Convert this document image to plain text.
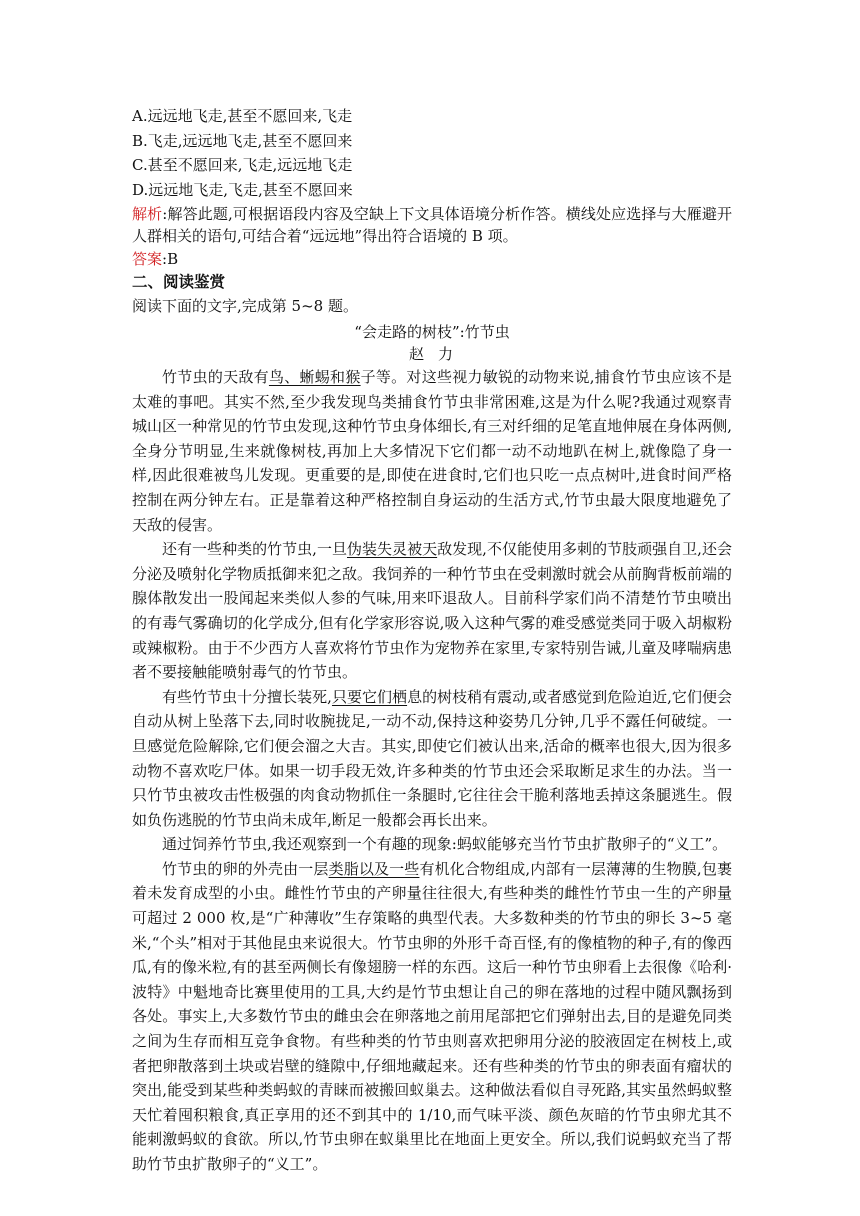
A.远远地飞走,甚至不愿回来,飞走

B.飞走,远远地飞走,甚至不愿回来

C.甚至不愿回来,飞走,远远地飞走

D.远远地飞走,飞走,甚至不愿回来

解析:解答此题,可根据语段内容及空缺上下文具体语境分析作答。横线处应选择与大雁避开人群相关的语句,可结合着“远远地”得出符合语境的 B 项。

答案:B

二、阅读鉴赏

阅读下面的文字,完成第 5~8 题。

“会走路的树枝”:竹节虫

赵力

竹节虫的天敌有鸟、蜥蜴和猴子等。对这些视力敏锐的动物来说,捕食竹节虫应该不是太难的事吧。其实不然,至少我发现鸟类捕食竹节虫非常困难,这是为什么呢?我通过观察青城山区一种常见的竹节虫发现,这种竹节虫身体细长,有三对纤细的足笔直地伸展在身体两侧,全身分节明显,生来就像树枝,再加上大多情况下它们都一动不动地趴在树上,就像隐了身一样,因此很难被鸟儿发现。更重要的是,即使在进食时,它们也只吃一点点树叶,进食时间严格控制在两分钟左右。正是靠着这种严格控制自身运动的生活方式,竹节虫最大限度地避免了天敌的侵害。

还有一些种类的竹节虫,一旦伪装失灵被天敌发现,不仅能使用多刺的节肢顽强自卫,还会分泌及喷射化学物质抵御来犯之敌。我饲养的一种竹节虫在受刺激时就会从前胸背板前端的腺体散发出一股闻起来类似人参的气味,用来吓退敌人。目前科学家们尚不清楚竹节虫喷出的有毒气雾确切的化学成分,但有化学家形容说,吸入这种气雾的难受感觉类同于吸入胡椒粉或辣椒粉。由于不少西方人喜欢将竹节虫作为宠物养在家里,专家特别告诫,儿童及哮喘病患者不要接触能喷射毒气的竹节虫。

有些竹节虫十分擅长装死,只要它们栖息的树枝稍有震动,或者感觉到危险迫近,它们便会自动从树上坠落下去,同时收腕拢足,一动不动,保持这种姿势几分钟,几乎不露任何破绽。一旦感觉危险解除,它们便会溜之大吉。其实,即使它们被认出来,活命的概率也很大,因为很多动物不喜欢吃尸体。如果一切手段无效,许多种类的竹节虫还会采取断足求生的办法。当一只竹节虫被攻击性极强的肉食动物抓住一条腿时,它往往会干脆利落地丢掉这条腿逃生。假如负伤逃脱的竹节虫尚未成年,断足一般都会再长出来。

通过饲养竹节虫,我还观察到一个有趣的现象:蚂蚁能够充当竹节虫扩散卵子的“义工”。

竹节虫的卵的外壳由一层类脂以及一些有机化合物组成,内部有一层薄薄的生物膜,包裹着未发育成型的小虫。雌性竹节虫的产卵量往往很大,有些种类的雌性竹节虫一生的产卵量可超过 2 000 枚,是“广种薄收”生存策略的典型代表。大多数种类的竹节虫的卵长 3~5 毫米,“个头”相对于其他昆虫来说很大。竹节虫卵的外形千奇百怪,有的像植物的种子,有的像西瓜,有的像米粒,有的甚至两侧长有像翅膀一样的东西。这后一种竹节虫卵看上去很像《哈利·波特》中魁地奇比赛里使用的工具,大约是竹节虫想让自己的卵在落地的过程中随风飘扬到各处。事实上,大多数竹节虫的雌虫会在卵落地之前用尾部把它们弹射出去,目的是避免同类之间为生存而相互竞争食物。有些种类的竹节虫则喜欢把卵用分泌的胶液固定在树枝上,或者把卵散落到土块或岩壁的缝隙中,仔细地藏起来。还有些种类的竹节虫的卵表面有瘤状的突出,能受到某些种类蚂蚁的青睐而被搬回蚁巢去。这种做法看似自寻死路,其实虽然蚂蚁整天忙着囤积粮食,真正享用的还不到其中的 1/10,而气味平淡、颜色灰暗的竹节虫卵尤其不能刺激蚂蚁的食欲。所以,竹节虫卵在蚁巢里比在地面上更安全。所以,我们说蚂蚁充当了帮助竹节虫扩散卵子的“义工”。
